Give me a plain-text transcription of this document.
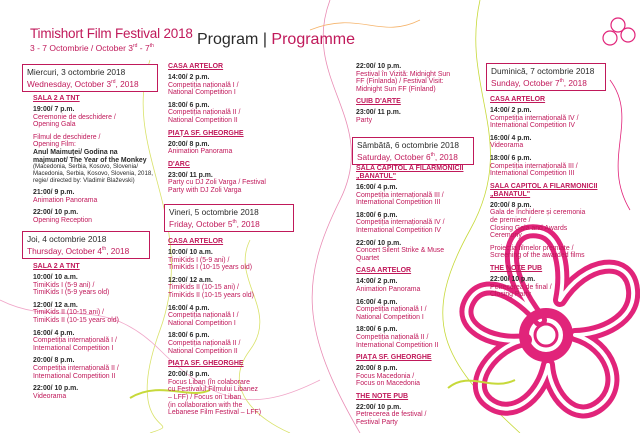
Timishort Film Festival 2018
3 - 7 Octombrie / October 3rd - 7th	Program | Programme
Miercuri, 3 octombrie 2018
Wednesday, October 3rd, 2018
Joi, 4 octombrie 2018
Thursday, October 4th, 2018
Vineri, 5 octombrie 2018
Friday, October 5th, 2018
Sâmbătă, 6 octombrie 2018
Saturday, October 6th, 2018
Duminică, 7 octombrie 2018
Sunday, October 7th, 2018
SALA 2 A TNT
19:00/ 7 p.m.
Ceremonie de deschidere /
Opening Gala
Filmul de deschidere /
Opening Film:
Anul Maimuței/ Godina na
majmunot/ The Year of the Monkey
(Macedonia, Serbia, Kosovo, Slovenia/
Macedonia, Serbia, Kosovo, Slovenia, 2018,
regie/ directed by: Vladimir Blaževski)
21:00/ 9 p.m.
Animation Panorama
22:00/ 10 p.m.
Opening Reception
SALA 2 A TNT
10:00/ 10 a.m.
TimiKids I (5-9 ani) /
TimiKids I (5-9 years old)
12:00/ 12 a.m.
TimiKids II (10-15 ani) /
TimiKids II (10-15 years old)
16:00/ 4 p.m.
Competiția internațională I /
International Competition I
20:00/ 8 p.m.
Competiția internațională II /
International Competition II
22:00/ 10 p.m.
Videorama
CASA ARTELOR
14:00/ 2 p.m.
Competiția națională I /
National Competition I
18:00/ 6 p.m.
Competiția națională II /
National Competition II
PIAȚA SF. GHEORGHE
20:00/ 8 p.m.
Animation Panorama
D'ARC
23:00/ 11 p.m.
Party cu DJ Zoli Varga / Festival
Party with DJ Zoli Varga
CASA ARTELOR
10:00/ 10 a.m.
TimiKids I (5-9 ani) /
TimiKids I (10-15 years old)
12:00/ 12 a.m.
TimiKids II (10-15 ani) /
TimiKids II (10-15 years old)
16:00/ 4 p.m.
Competiția națională I /
National Competition I
18:00/ 6 p.m.
Competiția națională II /
National Competition II
PIAȚA SF. GHEORGHE
20:00/ 8 p.m.
Focus Liban (în colaborare
cu Festivalul Filmului Libanez
– LFF) / Focus on Liban
(in collaboration with the
Lebanese Film Festival – LFF)
22:00/ 10 p.m.
Festival în Vizită: Midnight Sun
FF (Finlanda) / Festival Visit:
Midnight Sun FF (Finland)
CUIB D'ARTE
23:00/ 11 p.m.
Party
SALA CAPITOL A FILARMONICII
„BANATUL"
16:00/ 4 p.m.
Competiția internațională III /
International Competition III
18:00/ 6 p.m.
Competiția internațională IV /
International Competition IV
22:00/ 10 p.m.
Concert Silent Strike & Muse
Quartet
CASA ARTELOR
14:00/ 2 p.m.
Animation Panorama
16:00/ 4 p.m.
Competiția națională I /
National Competition I
18:00/ 6 p.m.
Competiția națională II /
International Competition II
PIAȚA SF. GHEORGHE
20:00/ 8 p.m.
Focus Macedonia /
Focus on Macedonia
THE NOTE PUB
22:00/ 10 p.m.
Petrecerea de festival /
Festival Party
CASA ARTELOR
14:00/ 2 p.m.
Competiția internațională IV /
International Competition IV
16:00/ 4 p.m.
Videorama
18:00/ 6 p.m.
Competiția internațională III /
International Competition III
SALA CAPITOL A FILARMONICII
„BANATUL"
20:00/ 8 p.m.
Gala de închidere și ceremonia
de premiere /
Closing Gala and Awards
Ceremony
Proiecția filmelor premiate /
Screening of the awarded films
THE NOTE PUB
22:00/ 10 p.m.
Petrecerea de final /
Closing Party
